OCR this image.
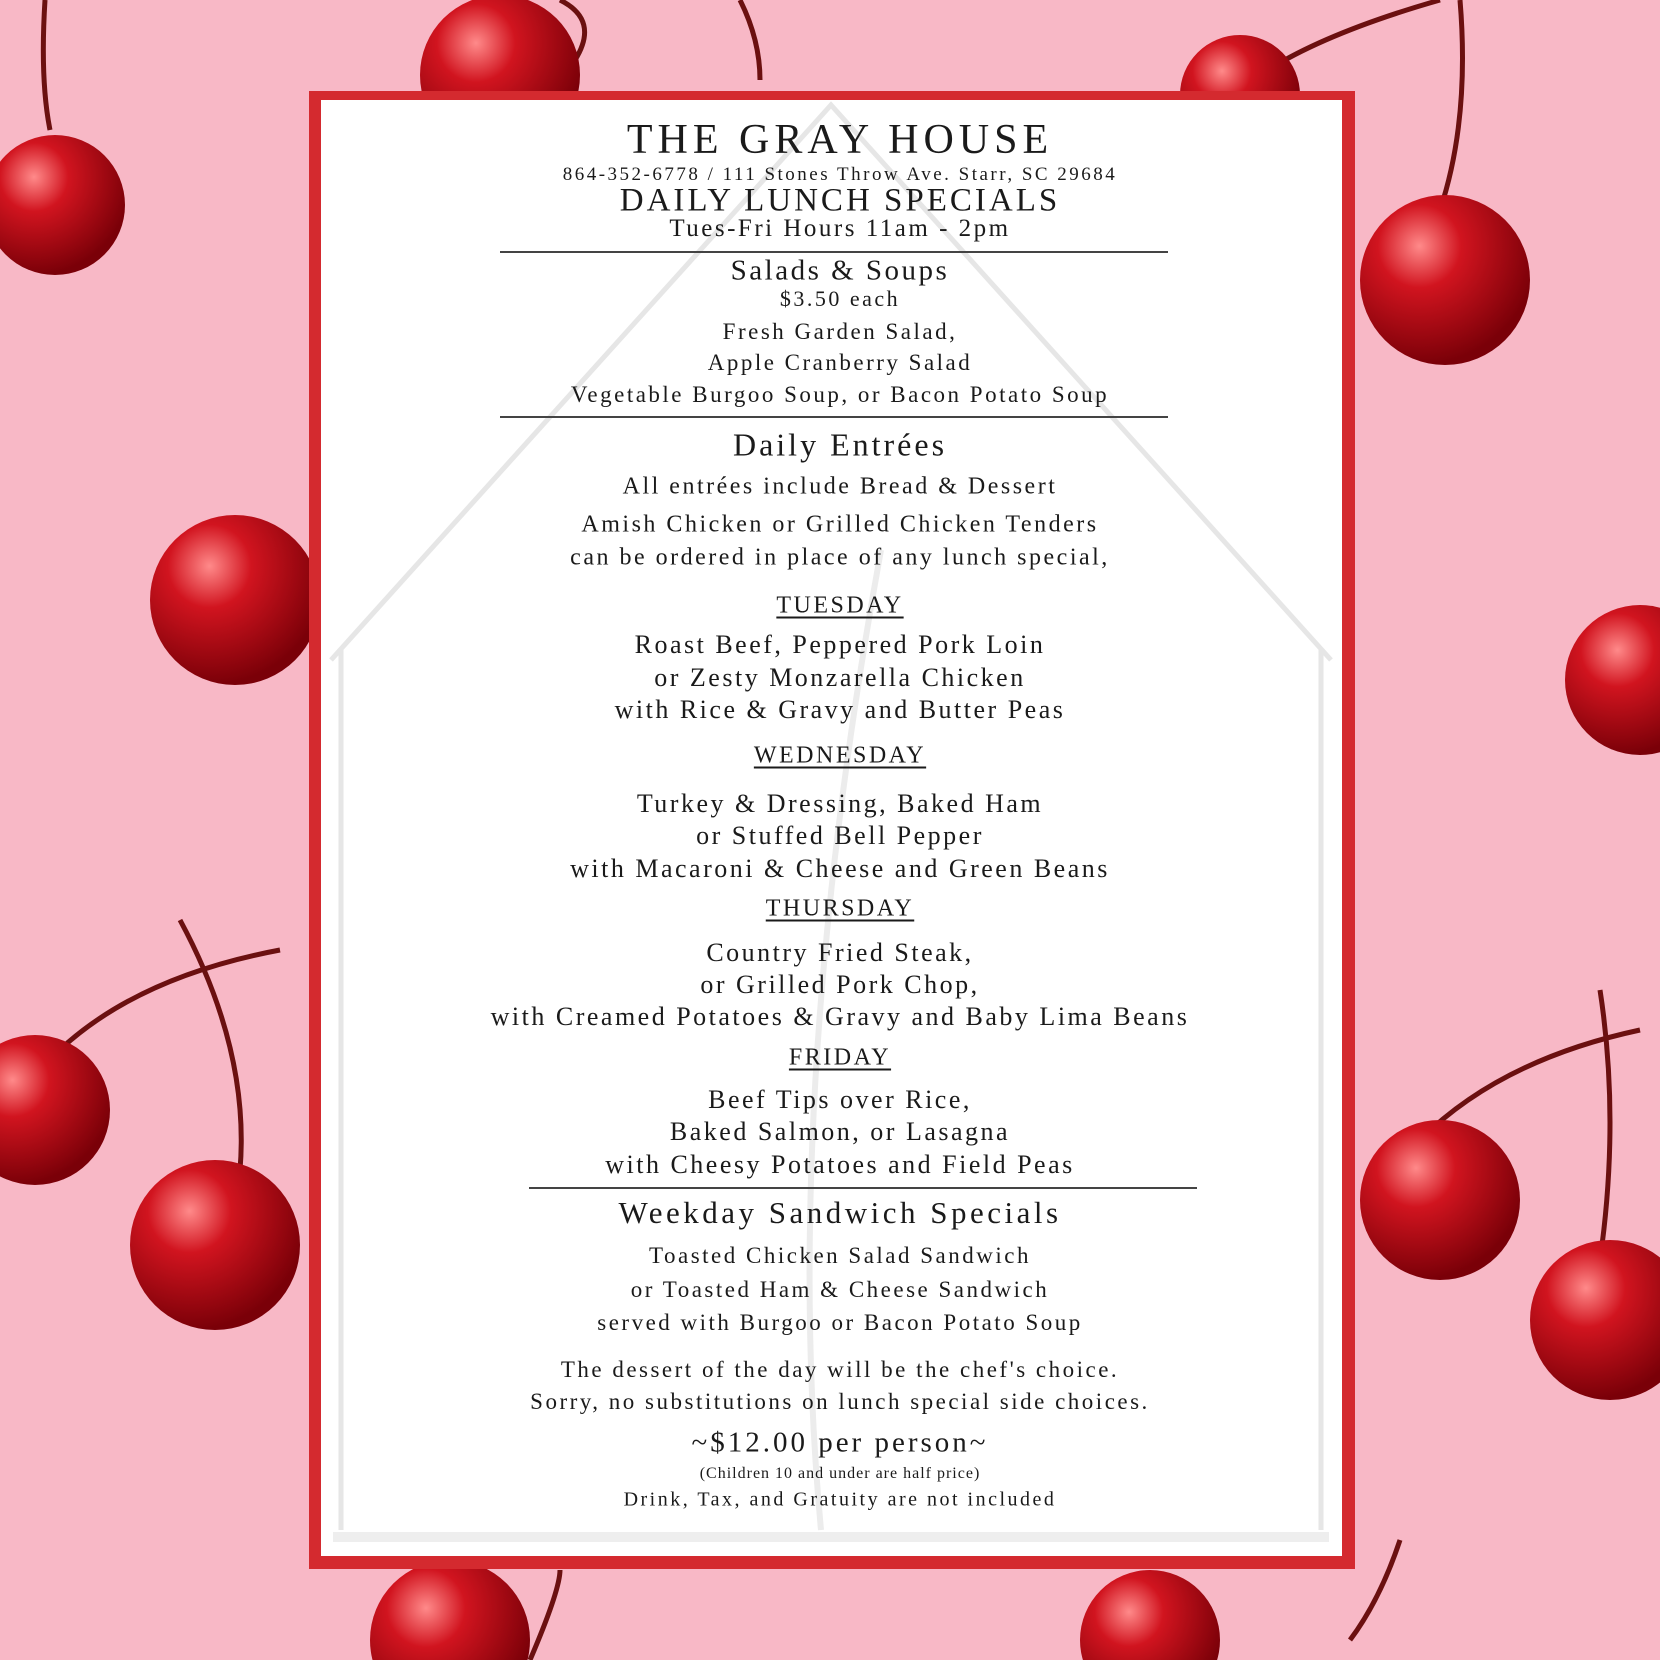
THE GRAY HOUSE
864-352-6778 / 111 Stones Throw Ave. Starr, SC 29684
DAILY LUNCH SPECIALS
Tues-Fri Hours 11am - 2pm
Salads & Soups
$3.50 each
Fresh Garden Salad,
Apple Cranberry Salad
Vegetable Burgoo Soup, or Bacon Potato Soup
Daily Entrées
All entrées include Bread & Dessert
Amish Chicken or Grilled Chicken Tenders
can be ordered in place of any lunch special,
TUESDAY
Roast Beef, Peppered Pork Loin
or Zesty Monzarella Chicken
with Rice & Gravy and Butter Peas
WEDNESDAY
Turkey & Dressing, Baked Ham
or Stuffed Bell Pepper
with Macaroni & Cheese and Green Beans
THURSDAY
Country Fried Steak,
or Grilled Pork Chop,
with Creamed Potatoes & Gravy and Baby Lima Beans
FRIDAY
Beef Tips over Rice,
Baked Salmon, or Lasagna
with Cheesy Potatoes and Field Peas
Weekday Sandwich Specials
Toasted Chicken Salad Sandwich
or Toasted Ham & Cheese Sandwich
served with Burgoo or Bacon Potato Soup
The dessert of the day will be the chef's choice.
Sorry, no substitutions on lunch special side choices.
~$12.00 per person~
(Children 10 and under are half price)
Drink, Tax, and Gratuity are not included
